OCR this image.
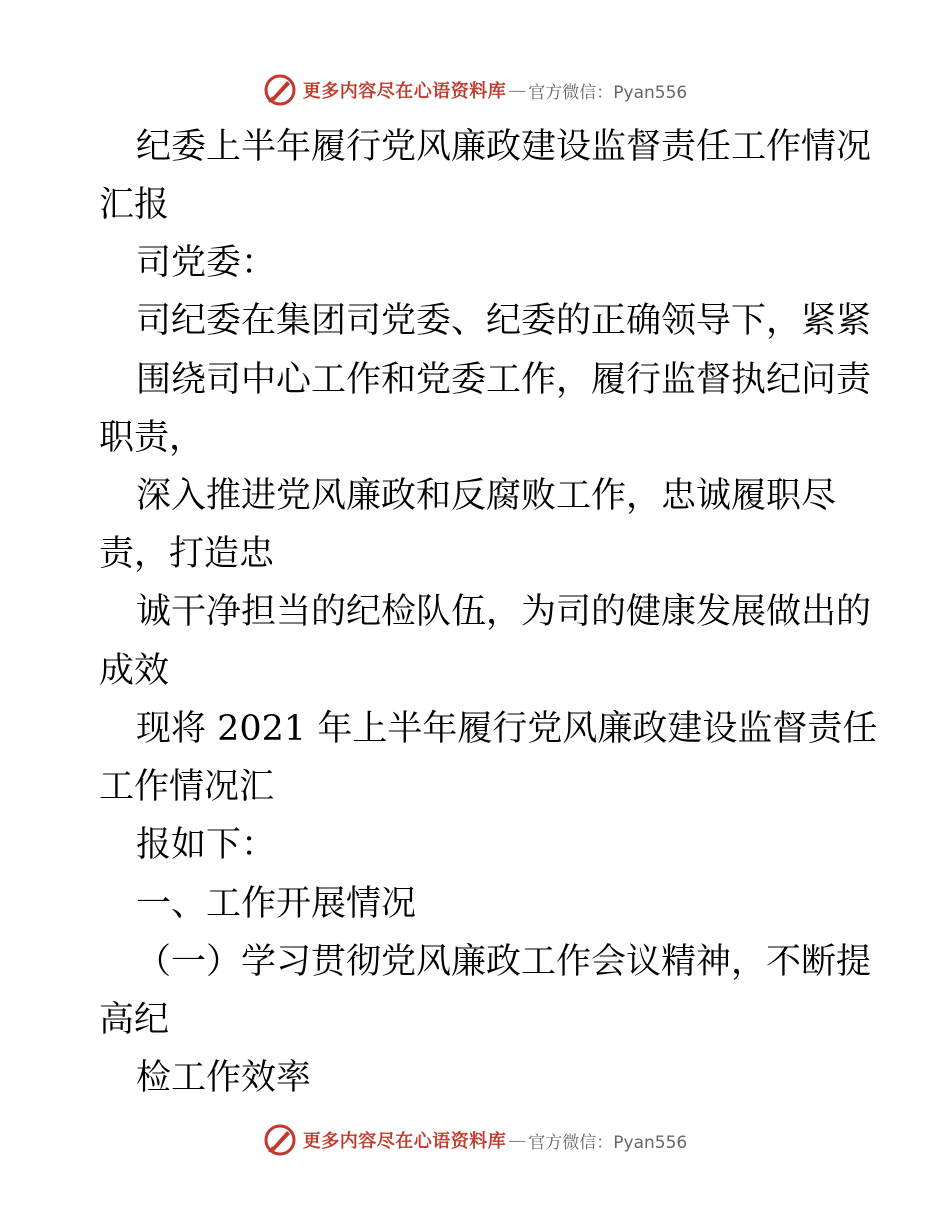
更多内容尽在心语资料库 — 官方微信：Pyan556
纪委上半年履行党风廉政建设监督责任工作情况
汇报
司党委：
司纪委在集团司党委、纪委的正确领导下，紧紧
围绕司中心工作和党委工作，履行监督执纪问责
职责，
深入推进党风廉政和反腐败工作，忠诚履职尽
责，打造忠
诚干净担当的纪检队伍，为司的健康发展做出的
成效
现将 2021 年上半年履行党风廉政建设监督责任
工作情况汇
报如下：
一、工作开展情况
（一）学习贯彻党风廉政工作会议精神，不断提
高纪
检工作效率
更多内容尽在心语资料库 — 官方微信：Pyan556
